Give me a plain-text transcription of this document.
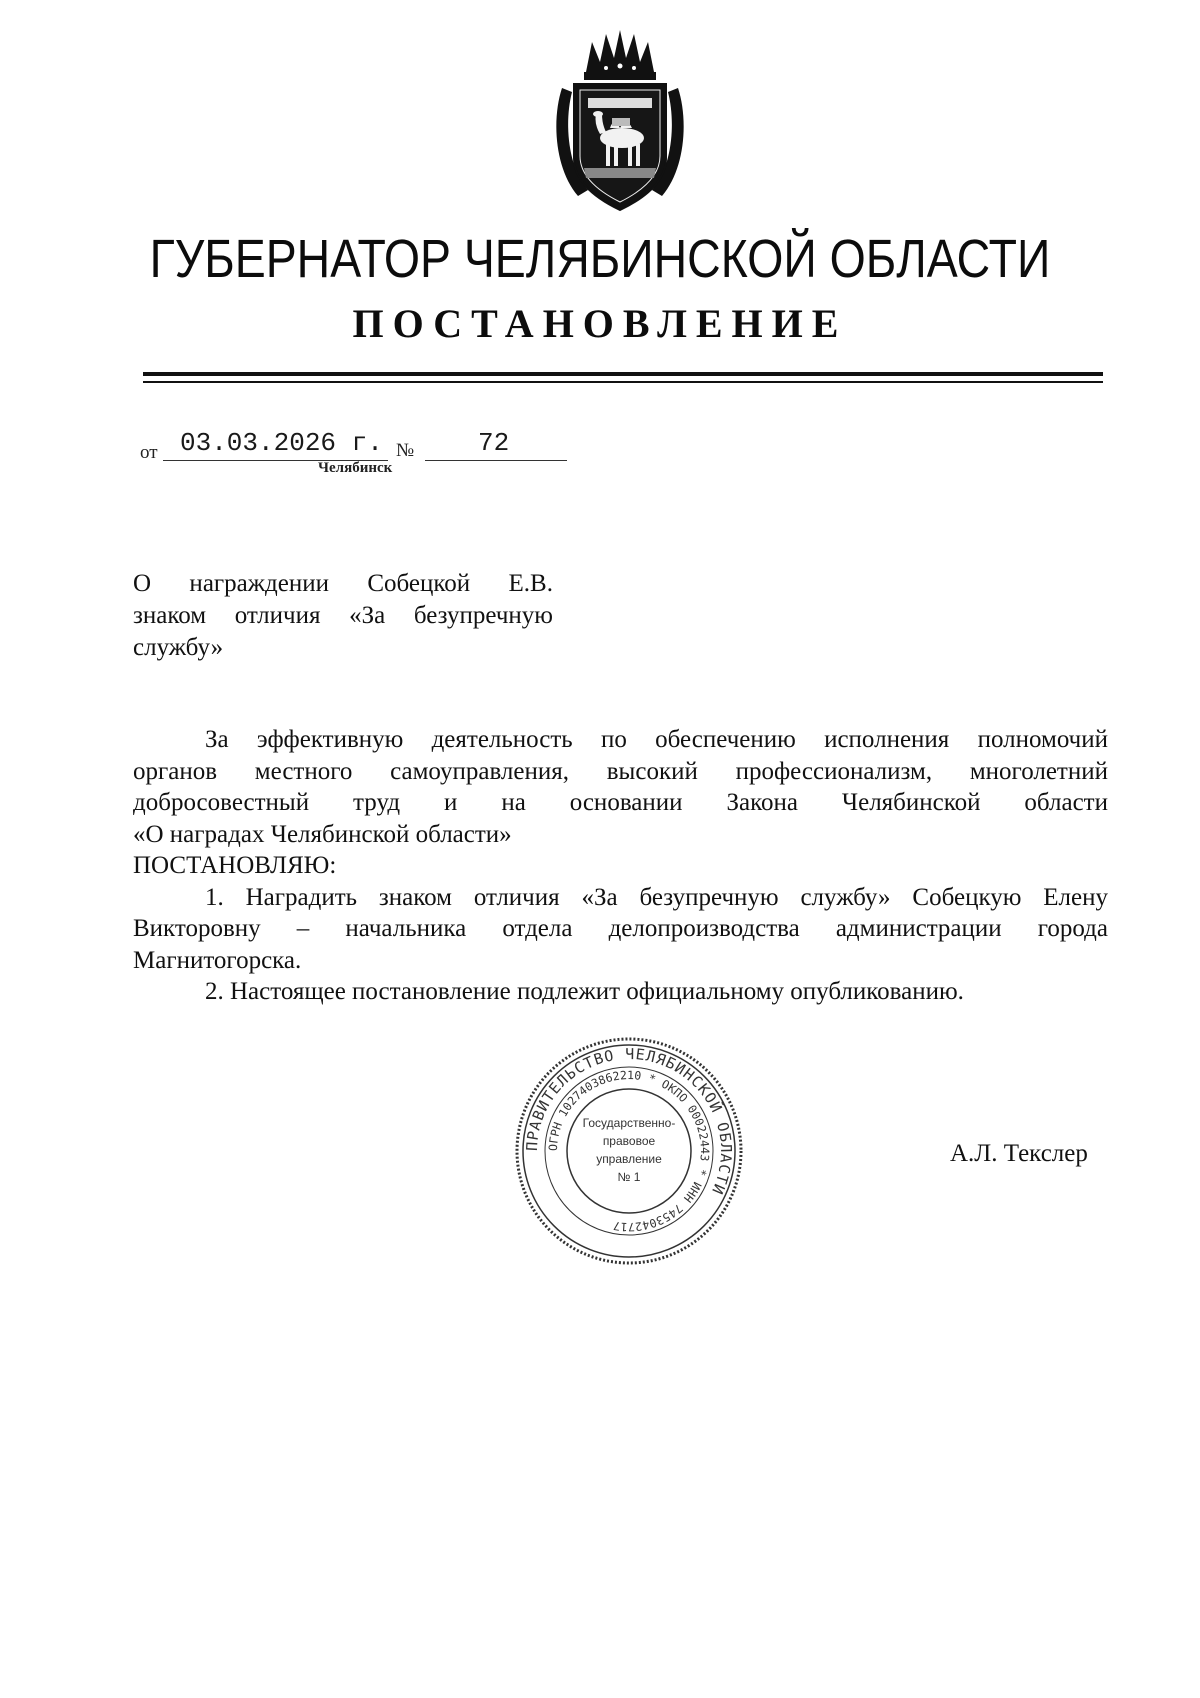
ГУБЕРНАТОР ЧЕЛЯБИНСКОЙ ОБЛАСТИ
ПОСТАНОВЛЕНИЕ
от 03.03.2026 г. № 72
Челябинск
О награждении Собецкой Е.В.
знаком отличия «За безупречную
службу»

За эффективную деятельность по обеспечению исполнения полномочий

органов местного самоуправления, высокий профессионализм, многолетний

добросовестный труд и на основании Закона Челябинской области

«О наградах Челябинской области»

ПОСТАНОВЛЯЮ:

1. Наградить знаком отличия «За безупречную службу» Собецкую Елену

Викторовну – начальника отдела делопроизводства администрации города

Магнитогорска.

2. Настоящее постановление подлежит официальному опубликованию.

ПРАВИТЕЛЬСТВО ЧЕЛЯБИНСКОЙ ОБЛАСТИ
ОГРН 1027403862210 * ОКПО 00022443 * ИНН 7453042717
Государственно-
правовое
управление
№ 1
А.Л. Текслер
